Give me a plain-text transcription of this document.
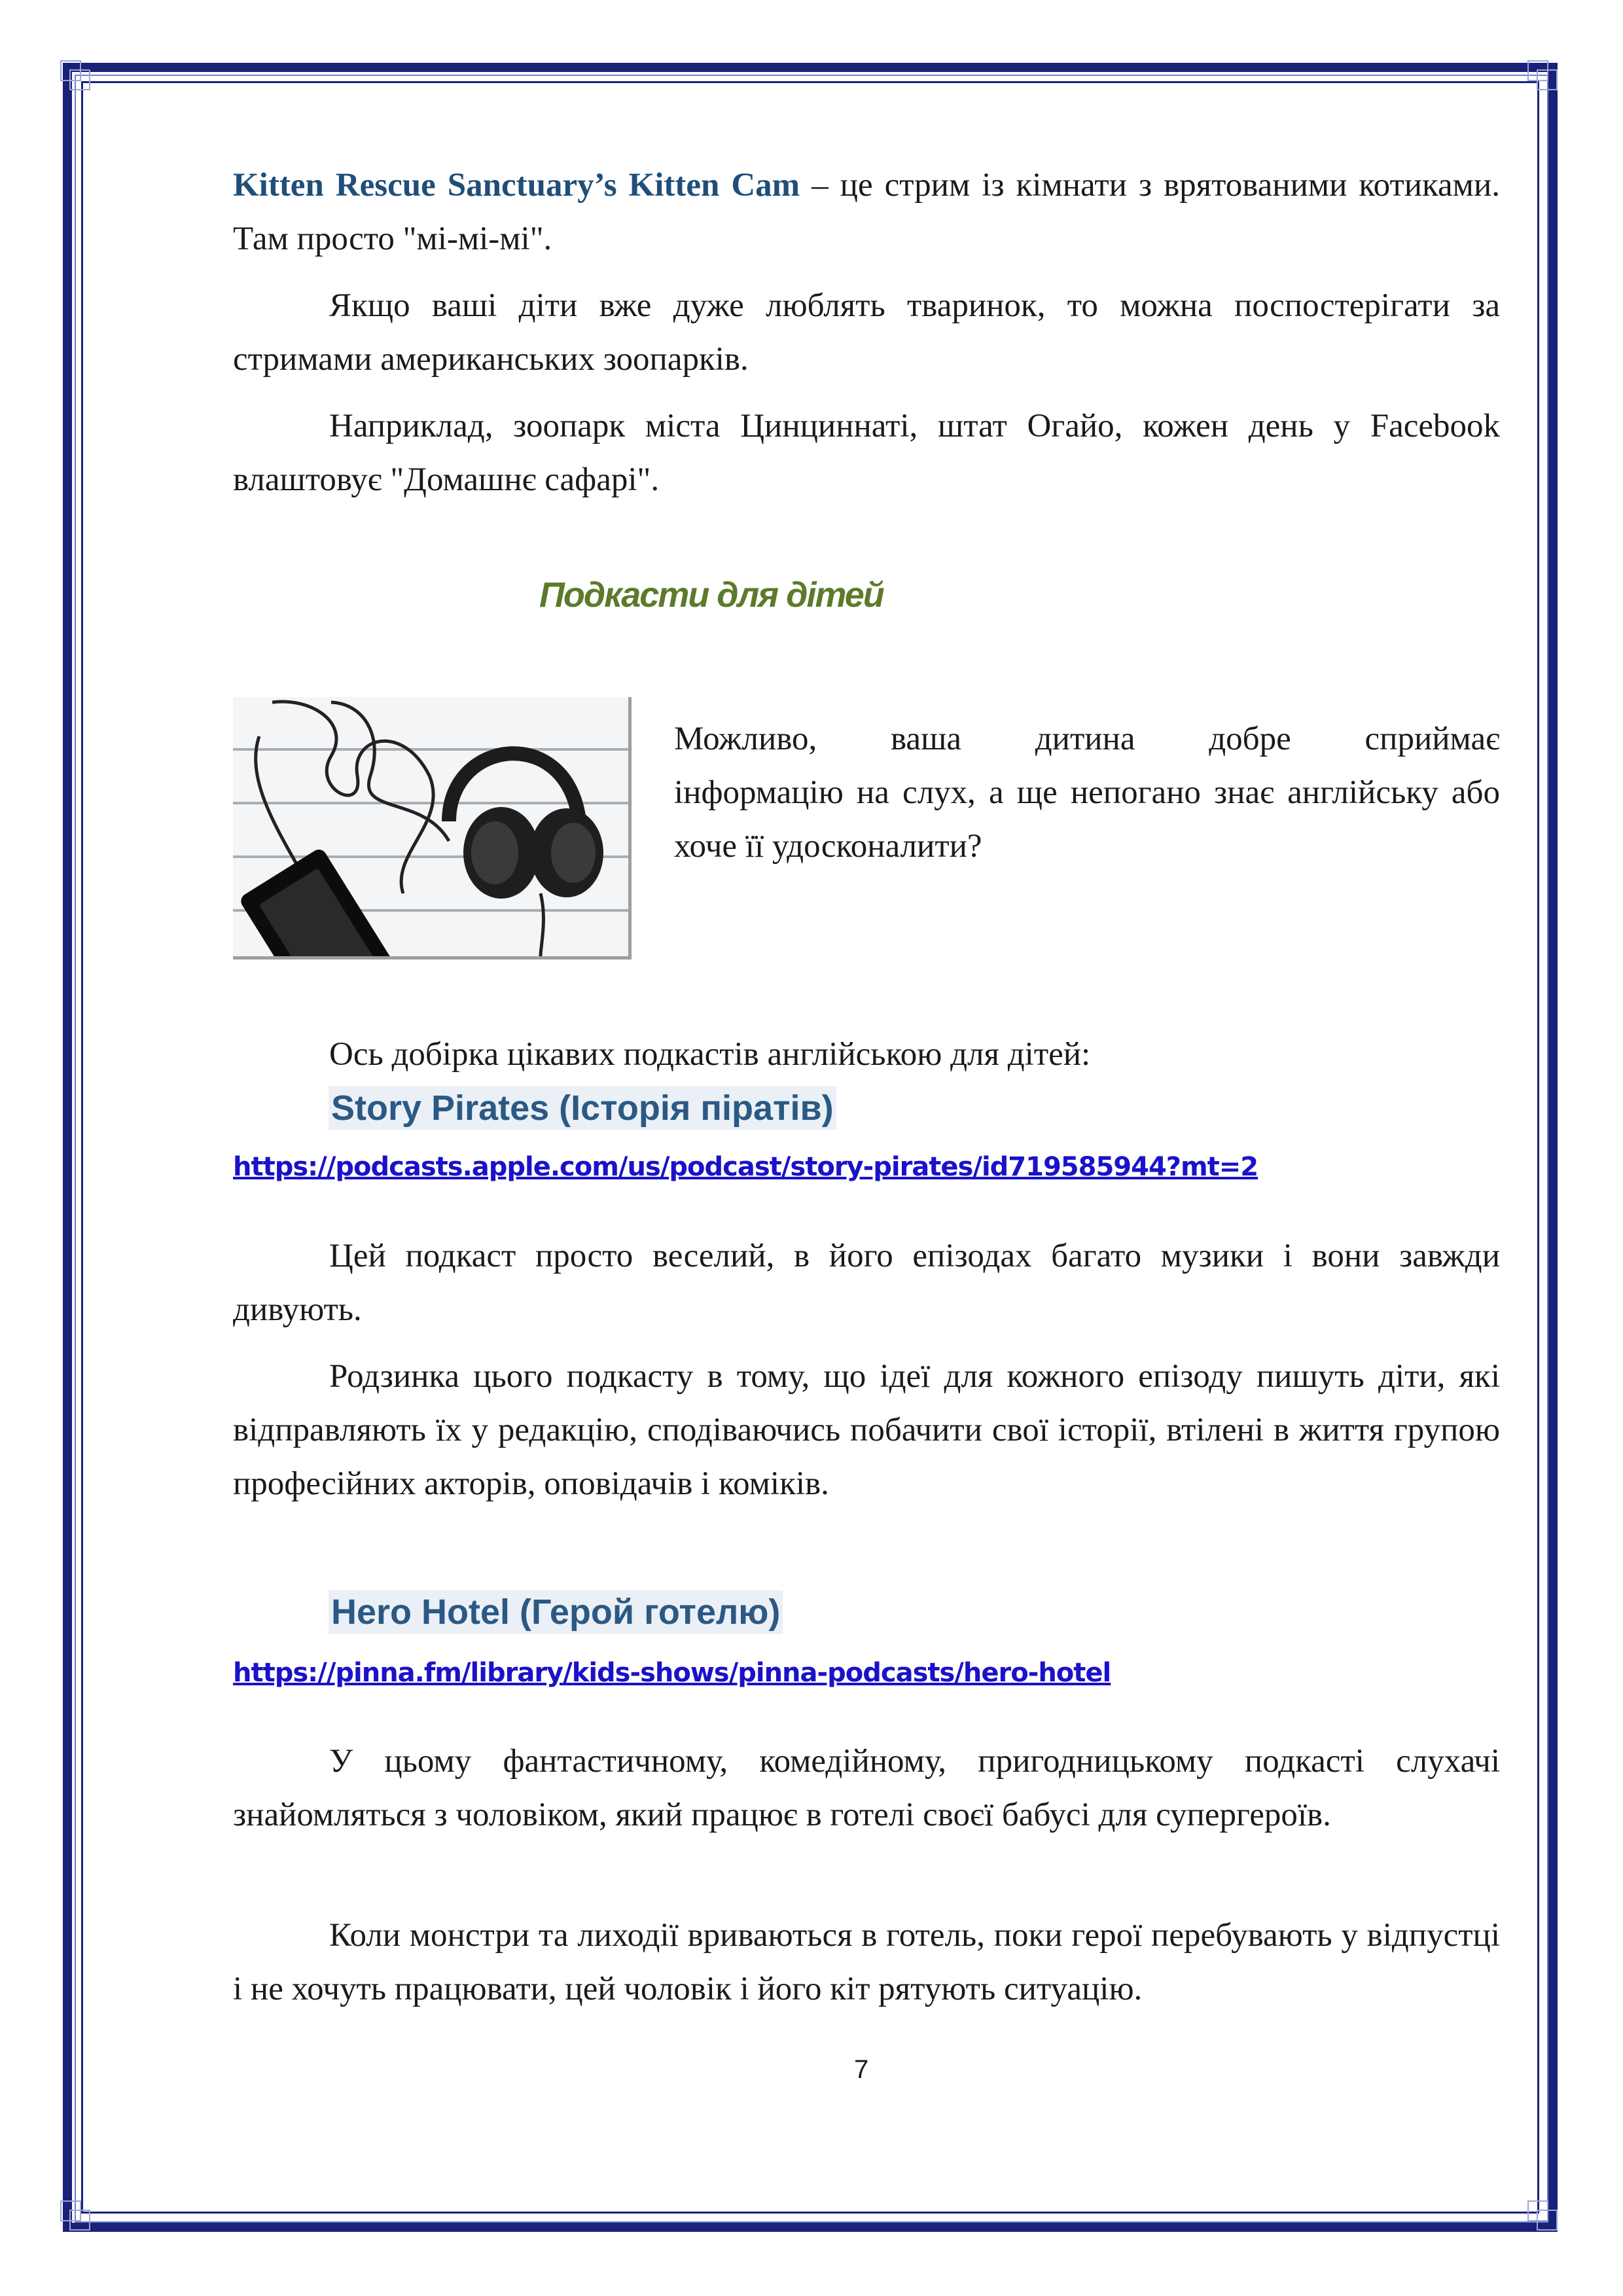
Kitten Rescue Sanctuary’s Kitten Cam – це стрим із кімнати з врятованими котиками. Там просто "мі-мі-мі".

Якщо ваші діти вже дуже люблять тваринок, то можна поспостерігати за стримами американських зоопарків.

Наприклад, зоопарк міста Цинциннаті, штат Огайо, кожен день у Facebook влаштовує "Домашнє сафарі".

Подкасти для дітей
Можливо, ваша дитина добре сприймає
інформацію на слух, а ще непогано знає англійську або хоче її удосконалити?

Ось добірка цікавих подкастів англійською для дітей:

Story Pirates (Історія піратів)
https://podcasts.apple.com/us/podcast/story-pirates/id719585944?mt=2

Цей подкаст просто веселий, в його епізодах багато музики і вони завжди дивують.

Родзинка цього подкасту в тому, що ідеї для кожного епізоду пишуть діти, які відправляють їх у редакцію, сподіваючись побачити свої історії, втілені в життя групою професійних акторів, оповідачів і коміків.

Hero Hotel (Герой готелю)
https://pinna.fm/library/kids-shows/pinna-podcasts/hero-hotel

У цьому фантастичному, комедійному, пригодницькому подкасті слухачі знайомляться з чоловіком, який працює в готелі своєї бабусі для супергероїв.

Коли монстри та лиходії вриваються в готель, поки герої перебувають у відпустці і не хочуть працювати, цей чоловік і його кіт рятують ситуацію.

7
